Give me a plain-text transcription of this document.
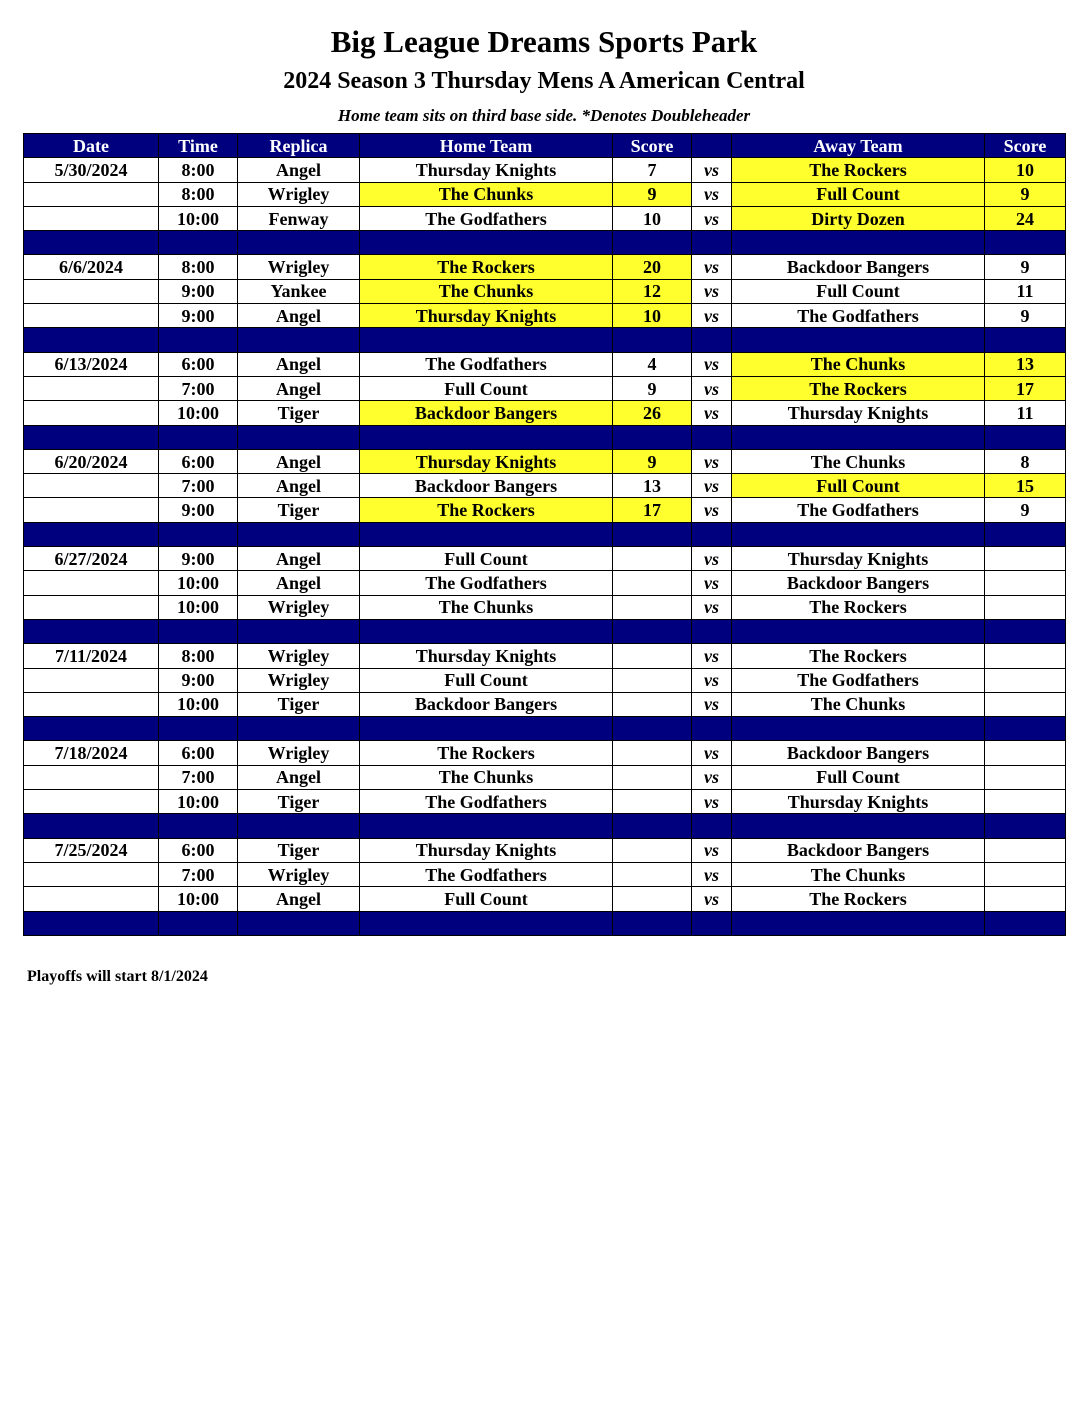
Big League Dreams Sports Park
2024 Season 3 Thursday Mens A American Central
Home team sits on third base side. *Denotes Doubleheader
Date	Time	Replica	Home Team	Score		Away Team	Score
5/30/2024	8:00	Angel	Thursday Knights	7	vs	The Rockers	10
	8:00	Wrigley	The Chunks	9	vs	Full Count	9
	10:00	Fenway	The Godfathers	10	vs	Dirty Dozen	24

6/6/2024	8:00	Wrigley	The Rockers	20	vs	Backdoor Bangers	9
	9:00	Yankee	The Chunks	12	vs	Full Count	11
	9:00	Angel	Thursday Knights	10	vs	The Godfathers	9

6/13/2024	6:00	Angel	The Godfathers	4	vs	The Chunks	13
	7:00	Angel	Full Count	9	vs	The Rockers	17
	10:00	Tiger	Backdoor Bangers	26	vs	Thursday Knights	11

6/20/2024	6:00	Angel	Thursday Knights	9	vs	The Chunks	8
	7:00	Angel	Backdoor Bangers	13	vs	Full Count	15
	9:00	Tiger	The Rockers	17	vs	The Godfathers	9

6/27/2024	9:00	Angel	Full Count		vs	Thursday Knights	
	10:00	Angel	The Godfathers		vs	Backdoor Bangers	
	10:00	Wrigley	The Chunks		vs	The Rockers	

7/11/2024	8:00	Wrigley	Thursday Knights		vs	The Rockers	
	9:00	Wrigley	Full Count		vs	The Godfathers	
	10:00	Tiger	Backdoor Bangers		vs	The Chunks	

7/18/2024	6:00	Wrigley	The Rockers		vs	Backdoor Bangers	
	7:00	Angel	The Chunks		vs	Full Count	
	10:00	Tiger	The Godfathers		vs	Thursday Knights	

7/25/2024	6:00	Tiger	Thursday Knights		vs	Backdoor Bangers	
	7:00	Wrigley	The Godfathers		vs	The Chunks	
	10:00	Angel	Full Count		vs	The Rockers	

Playoffs will start 8/1/2024
